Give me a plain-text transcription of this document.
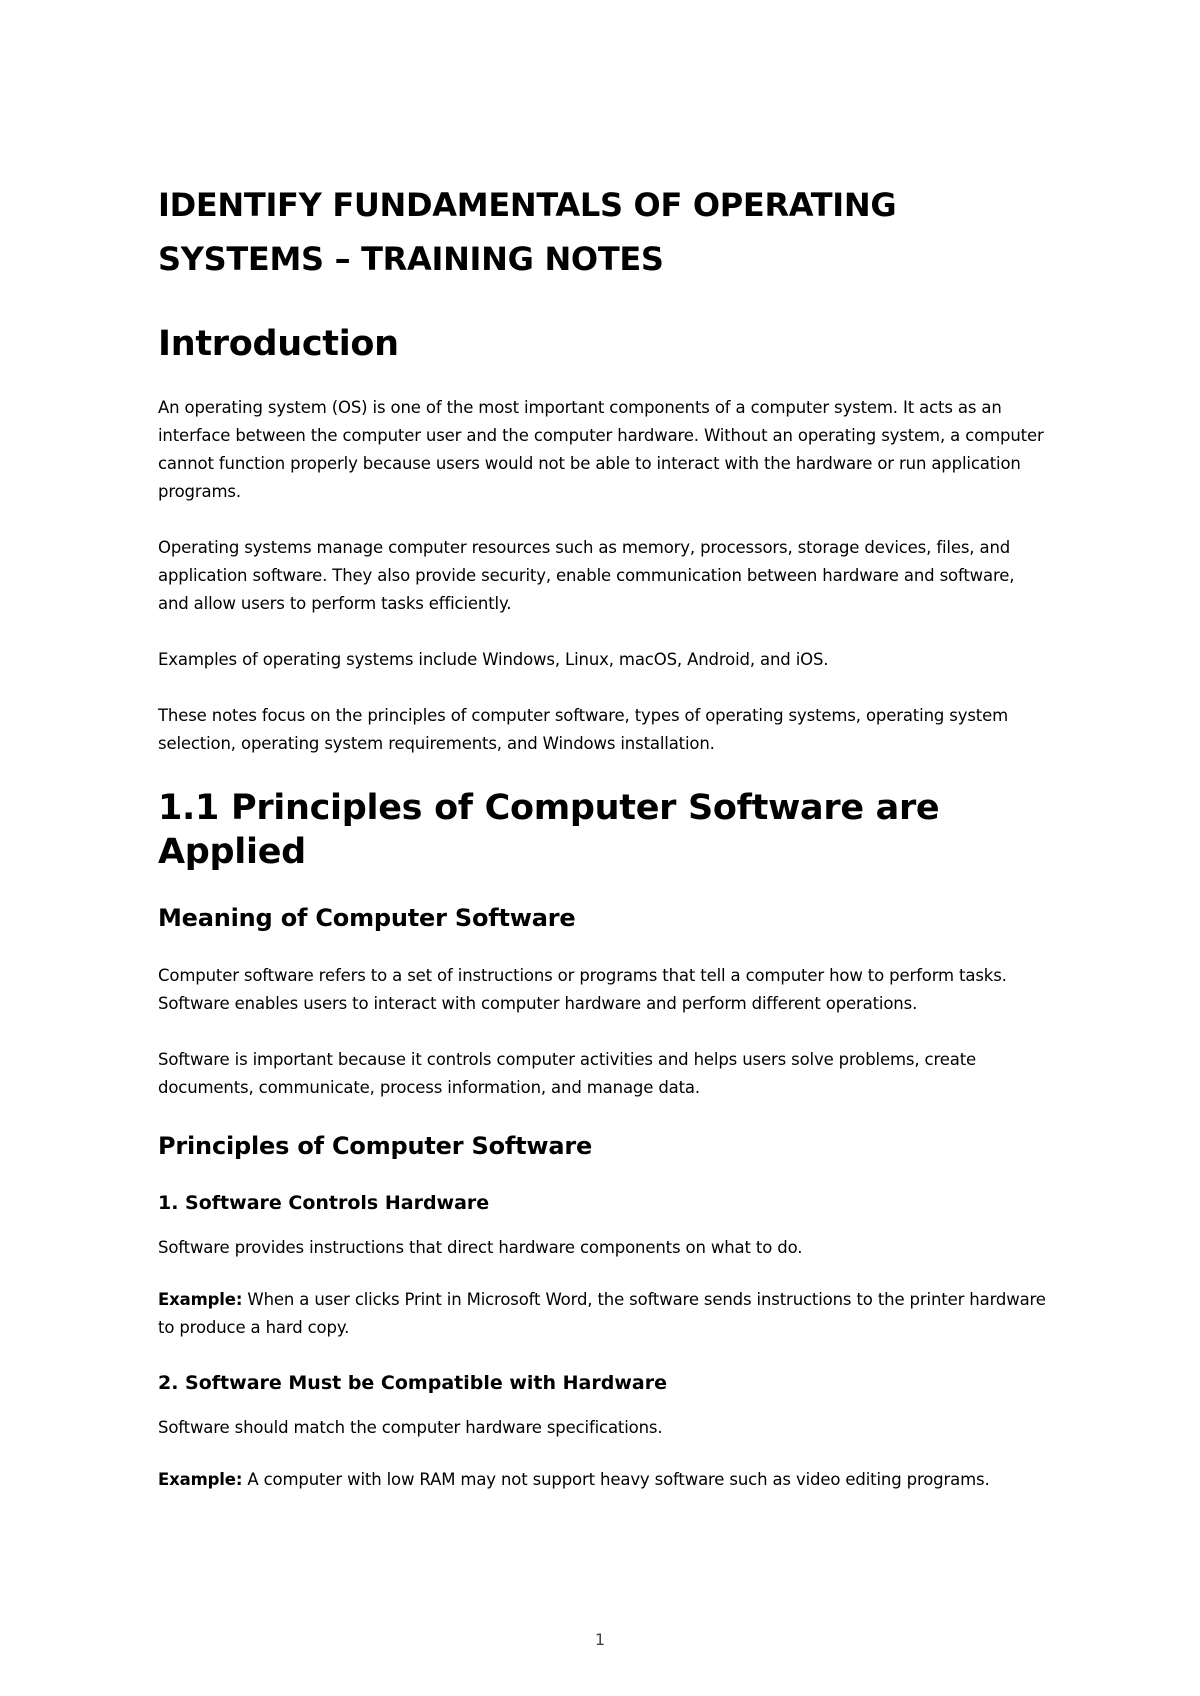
IDENTIFY FUNDAMENTALS OF OPERATING SYSTEMS – TRAINING NOTES
Introduction

An operating system (OS) is one of the most important components of a computer system. It acts as an interface between the computer user and the computer hardware. Without an operating system, a computer cannot function properly because users would not be able to interact with the hardware or run application programs.

Operating systems manage computer resources such as memory, processors, storage devices, files, and application software. They also provide security, enable communication between hardware and software, and allow users to perform tasks efficiently.

Examples of operating systems include Windows, Linux, macOS, Android, and iOS.

These notes focus on the principles of computer software, types of operating systems, operating system selection, operating system requirements, and Windows installation.

1.1 Principles of Computer Software are Applied
Meaning of Computer Software

Computer software refers to a set of instructions or programs that tell a computer how to perform tasks. Software enables users to interact with computer hardware and perform different operations.

Software is important because it controls computer activities and helps users solve problems, create documents, communicate, process information, and manage data.

Principles of Computer Software
1. Software Controls Hardware

Software provides instructions that direct hardware components on what to do.

Example: When a user clicks Print in Microsoft Word, the software sends instructions to the printer hardware to produce a hard copy.

2. Software Must be Compatible with Hardware

Software should match the computer hardware specifications.

Example: A computer with low RAM may not support heavy software such as video editing programs.

1
